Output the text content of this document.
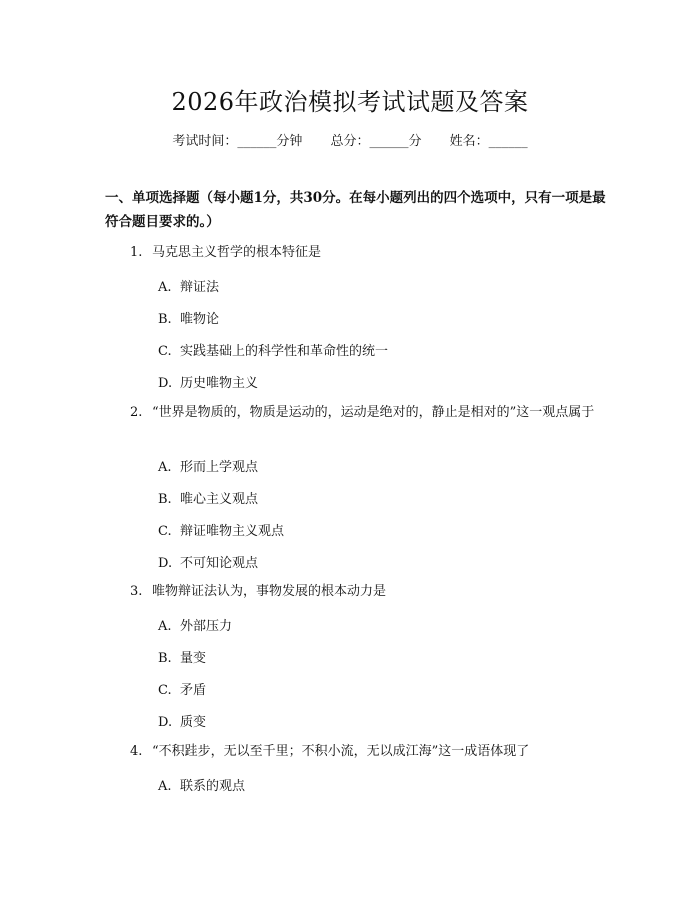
2026年政治模拟考试试题及答案
考试时间：______分钟 总分：______分 姓名：______
一、单项选择题（每小题1分，共30分。在每小题列出的四个选项中，只有一项是最符合题目要求的。）
1. 马克思主义哲学的根本特征是
A. 辩证法
B. 唯物论
C. 实践基础上的科学性和革命性的统一
D. 历史唯物主义
2. “世界是物质的，物质是运动的，运动是绝对的，静止是相对的”这一观点属于
A. 形而上学观点
B. 唯心主义观点
C. 辩证唯物主义观点
D. 不可知论观点
3. 唯物辩证法认为，事物发展的根本动力是
A. 外部压力
B. 量变
C. 矛盾
D. 质变
4. “不积跬步，无以至千里；不积小流，无以成江海”这一成语体现了
A. 联系的观点
